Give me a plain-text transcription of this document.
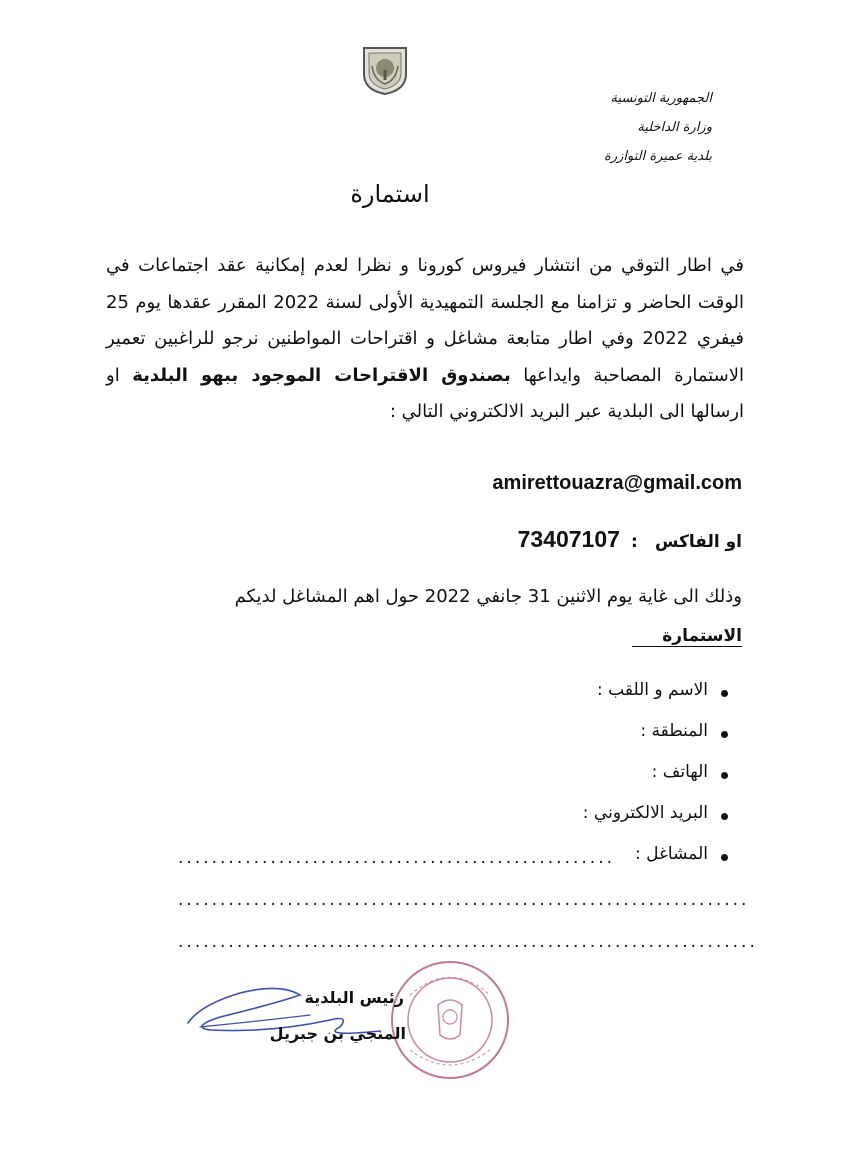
الجمهورية التونسية
وزارة الداخلية
بلدية عميرة التوازرة
استمارة
في اطار التوقي من انتشار فيروس كورونا و نظرا لعدم إمكانية عقد اجتماعات في الوقت الحاضر و تزامنا مع الجلسة التمهيدية الأولى لسنة 2022 المقرر عقدها يوم 25 فيفري 2022 وفي اطار متابعة مشاغل و اقتراحات المواطنين نرجو للراغبين تعمير الاستمارة المصاحبة وايداعها بصندوق الاقتراحات الموجود ببهو البلدية او ارسالها الى البلدية عبر البريد الالكتروني التالي :
amirettouazra@gmail.com
او الفاكس : 73407107
وذلك الى غاية يوم الاثنين 31 جانفي 2022 حول اهم المشاغل لديكم
الاستمارة
الاسم و اللقب :
المنطقة :
الهاتف :
البريد الالكتروني :
المشاغل :
....................................................
....................................................................
.....................................................................
رئيس البلدية
المنجي بن جبريل
